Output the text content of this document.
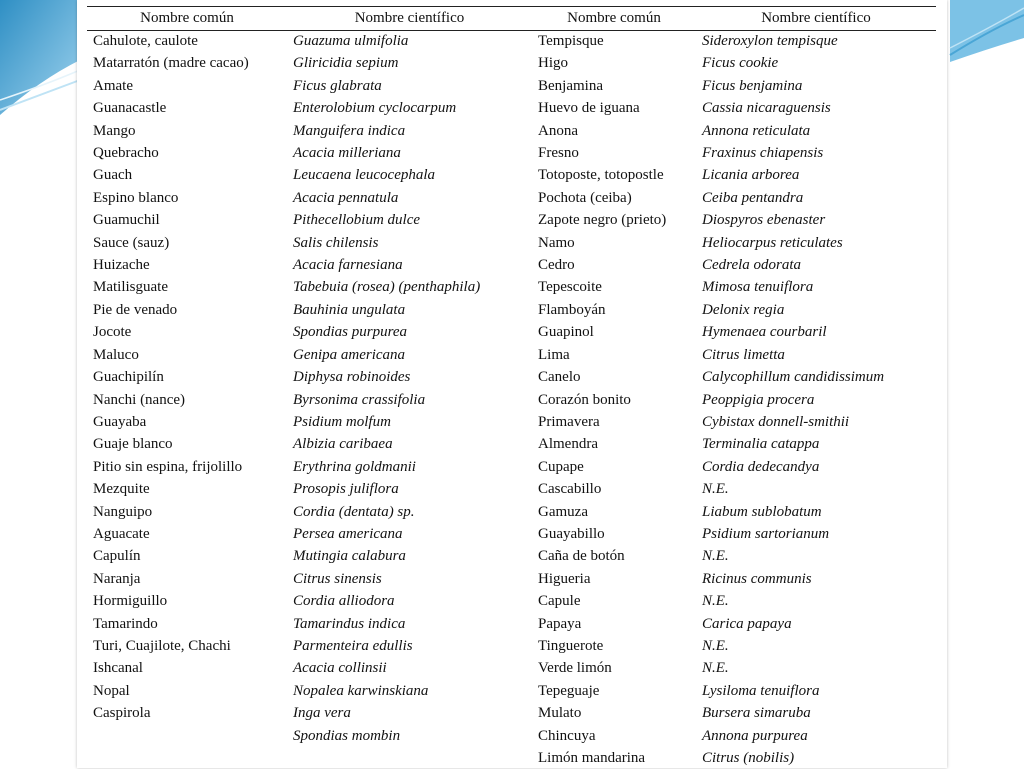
Nombre común	Nombre científico	Nombre común	Nombre científico
Cahulote, caulote	Guazuma ulmifolia	Tempisque	Sideroxylon tempisque
Matarratón (madre cacao)	Gliricidia sepium	Higo	Ficus cookie
Amate	Ficus glabrata	Benjamina	Ficus benjamina
Guanacastle	Enterolobium cyclocarpum	Huevo de iguana	Cassia nicaraguensis
Mango	Manguifera indica	Anona	Annona reticulata
Quebracho	Acacia milleriana	Fresno	Fraxinus chiapensis
Guach	Leucaena leucocephala	Totoposte, totopostle	Licania arborea
Espino blanco	Acacia pennatula	Pochota (ceiba)	Ceiba pentandra
Guamuchil	Pithecellobium dulce	Zapote negro (prieto)	Diospyros ebenaster
Sauce (sauz)	Salis chilensis	Namo	Heliocarpus reticulates
Huizache	Acacia farnesiana	Cedro	Cedrela odorata
Matilisguate	Tabebuia (rosea) (penthaphila)	Tepescoite	Mimosa tenuiflora
Pie de venado	Bauhinia ungulata	Flamboyán	Delonix regia
Jocote	Spondias purpurea	Guapinol	Hymenaea courbaril
Maluco	Genipa americana	Lima	Citrus limetta
Guachipilín	Diphysa robinoides	Canelo	Calycophillum candidissimum
Nanchi (nance)	Byrsonima crassifolia	Corazón bonito	Peoppigia procera
Guayaba	Psidium molfum	Primavera	Cybistax donnell-smithii
Guaje blanco	Albizia caribaea	Almendra	Terminalia catappa
Pitio sin espina, frijolillo	Erythrina goldmanii	Cupape	Cordia dedecandya
Mezquite	Prosopis juliflora	Cascabillo	N.E.
Nanguipo	Cordia (dentata) sp.	Gamuza	Liabum sublobatum
Aguacate	Persea americana	Guayabillo	Psidium sartorianum
Capulín	Mutingia calabura	Caña de botón	N.E.
Naranja	Citrus sinensis	Higueria	Ricinus communis
Hormiguillo	Cordia alliodora	Capule	N.E.
Tamarindo	Tamarindus indica	Papaya	Carica papaya
Turi, Cuajilote, Chachi	Parmenteira edullis	Tinguerote	N.E.
Ishcanal	Acacia collinsii	Verde limón	N.E.
Nopal	Nopalea karwinskiana	Tepeguaje	Lysiloma tenuiflora
Caspirola	Inga vera	Mulato	Bursera simaruba
	Spondias mombin	Chincuya	Annona purpurea
		Limón mandarina	Citrus (nobilis)
